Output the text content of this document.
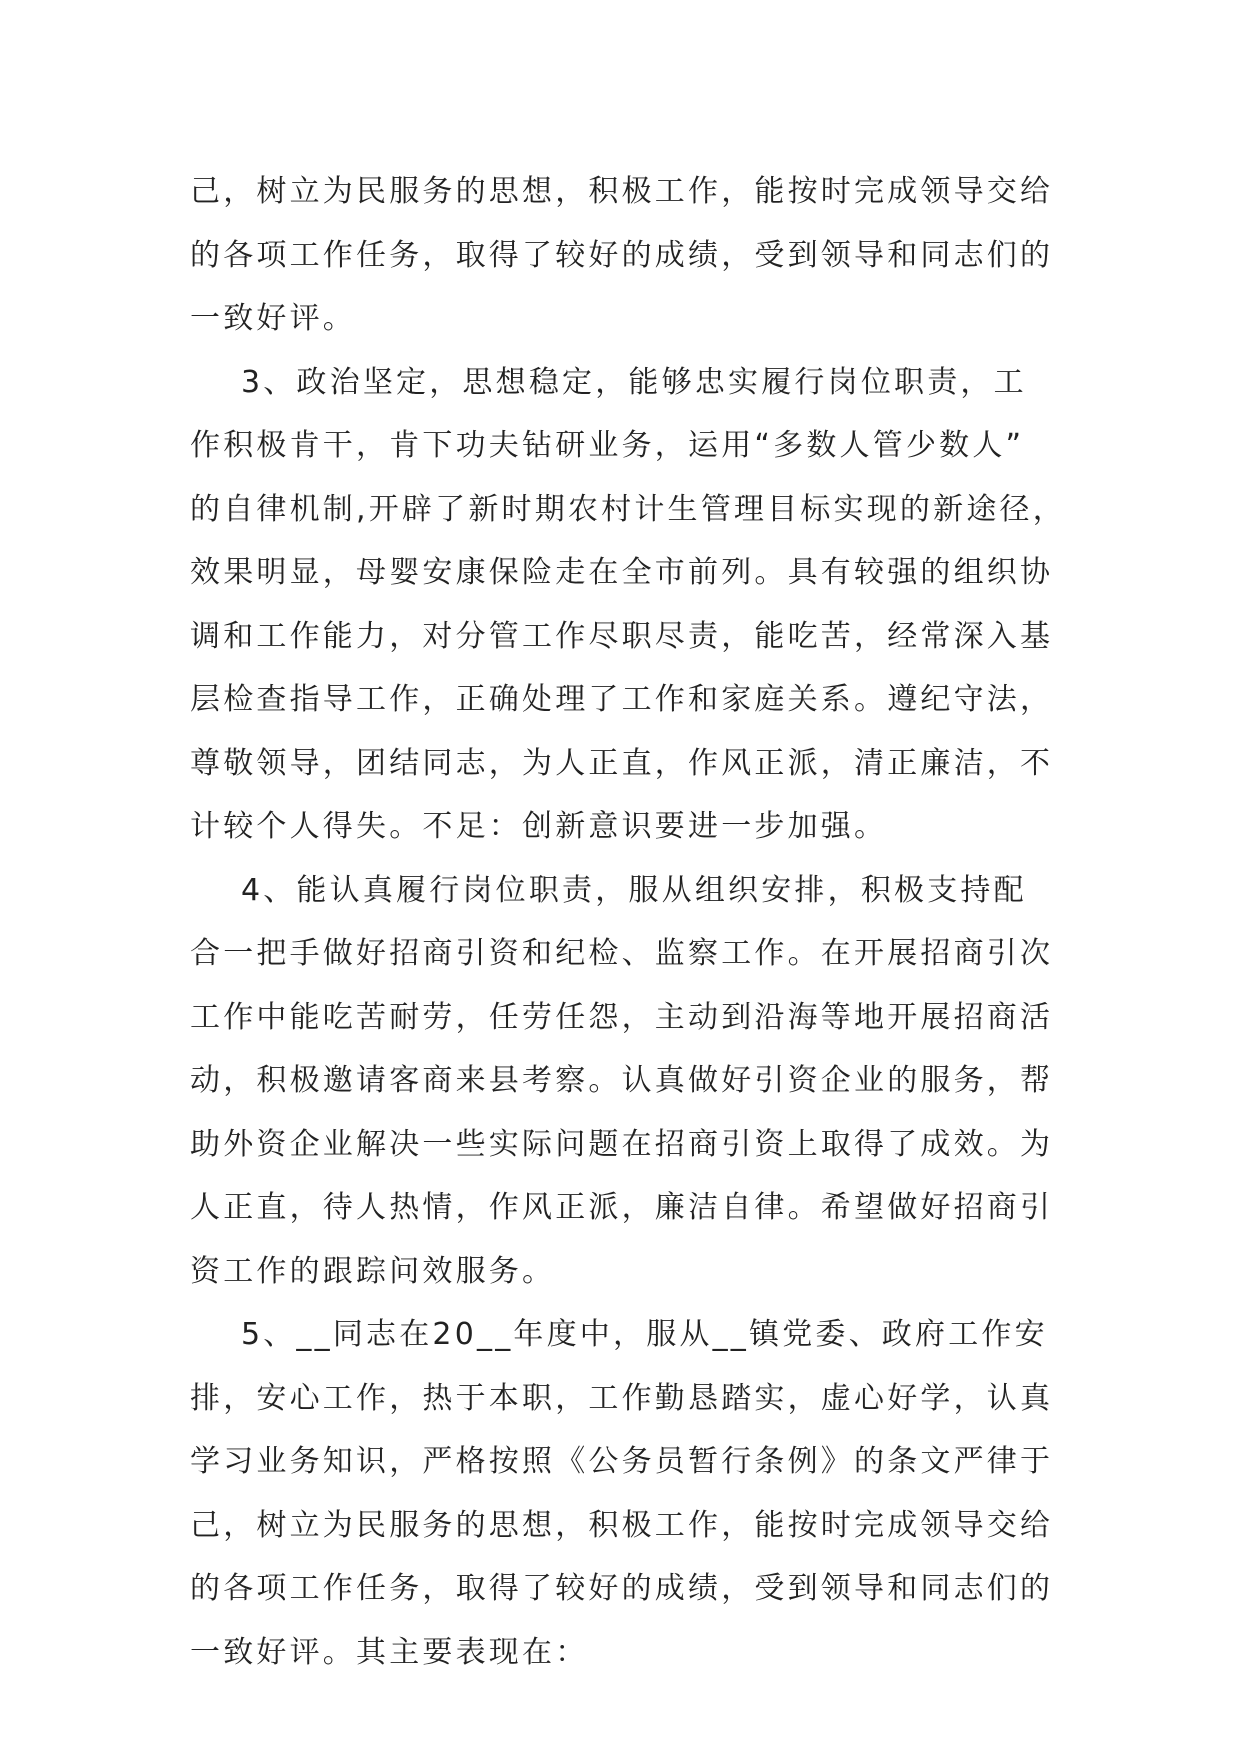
己，树立为民服务的思想，积极工作，能按时完成领导交给
的各项工作任务，取得了较好的成绩，受到领导和同志们的
一致好评。
3、政治坚定，思想稳定，能够忠实履行岗位职责，工
作积极肯干，肯下功夫钻研业务，运用“多数人管少数人”
的自律机制,开辟了新时期农村计生管理目标实现的新途径，
效果明显，母婴安康保险走在全市前列。具有较强的组织协
调和工作能力，对分管工作尽职尽责，能吃苦，经常深入基
层检查指导工作，正确处理了工作和家庭关系。遵纪守法，
尊敬领导，团结同志，为人正直，作风正派，清正廉洁，不
计较个人得失。不足：创新意识要进一步加强。
4、能认真履行岗位职责，服从组织安排，积极支持配
合一把手做好招商引资和纪检、监察工作。在开展招商引次
工作中能吃苦耐劳，任劳任怨，主动到沿海等地开展招商活
动，积极邀请客商来县考察。认真做好引资企业的服务，帮
助外资企业解决一些实际问题在招商引资上取得了成效。为
人正直，待人热情，作风正派，廉洁自律。希望做好招商引
资工作的跟踪问效服务。
5、__同志在20__年度中，服从__镇党委、政府工作安
排，安心工作，热于本职，工作勤恳踏实，虚心好学，认真
学习业务知识，严格按照《公务员暂行条例》的条文严律于
己，树立为民服务的思想，积极工作，能按时完成领导交给
的各项工作任务，取得了较好的成绩，受到领导和同志们的
一致好评。其主要表现在：
